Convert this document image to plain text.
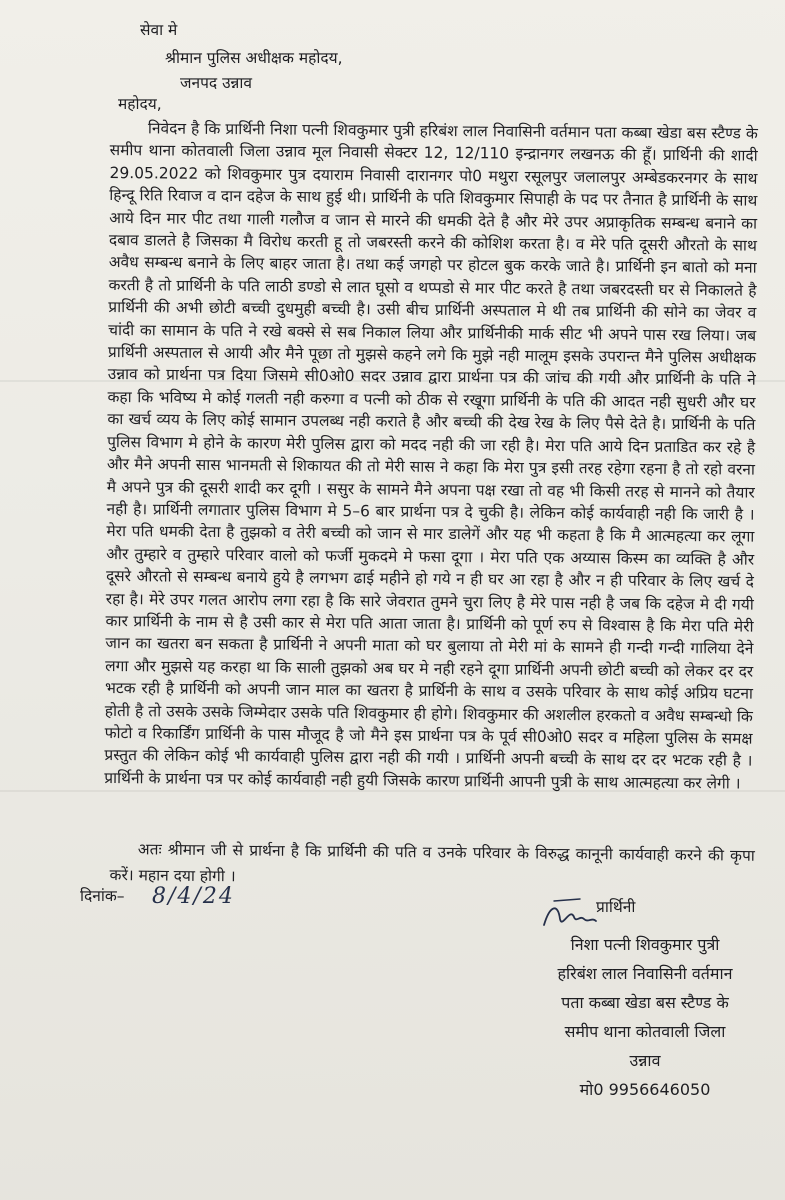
सेवा मे
श्रीमान पुलिस अधीक्षक महोदय,
जनपद उन्नाव
महोदय,
निवेदन है कि प्रार्थिनी निशा पत्नी शिवकुमार पुत्री हरिबंश लाल निवासिनी वर्तमान पता कब्बा खेडा बस स्टैण्ड के समीप थाना कोतवाली जिला उन्नाव मूल निवासी सेक्टर 12, 12/110 इन्द्रानगर लखनऊ की हूँ। प्रार्थिनी की शादी 29.05.2022 को शिवकुमार पुत्र दयाराम निवासी दारानगर पो0 मथुरा रसूलपुर जलालपुर अम्बेडकरनगर के साथ हिन्दू रिति रिवाज व दान दहेज के साथ हुई थी। प्रार्थिनी के पति शिवकुमार सिपाही के पद पर तैनात है प्रार्थिनी के साथ आये दिन मार पीट तथा गाली गलौज व जान से मारने की धमकी देते है और मेरे उपर अप्राकृतिक सम्बन्ध बनाने का दबाव डालते है जिसका मै विरोध करती हू तो जबरस्ती करने की कोशिश करता है। व मेरे पति दूसरी औरतो के साथ अवैध सम्बन्ध बनाने के लिए बाहर जाता है। तथा कई जगहो पर होटल बुक करके जाते है। प्रार्थिनी इन बातो को मना करती है तो प्रार्थिनी के पति लाठी डण्डो से लात घूसो व थप्पडो से मार पीट करते है तथा जबरदस्ती घर से निकालते है प्रार्थिनी की अभी छोटी बच्ची दुधमुही बच्ची है। उसी बीच प्रार्थिनी अस्पताल मे थी तब प्रार्थिनी की सोने का जेवर व चांदी का सामान के पति ने रखे बक्से से सब निकाल लिया और प्रार्थिनीकी मार्क सीट भी अपने पास रख लिया। जब प्रार्थिनी अस्पताल से आयी और मैने पूछा तो मुझसे कहने लगे कि मुझे नही मालूम इसके उपरान्त मैने पुलिस अधीक्षक उन्नाव को प्रार्थना पत्र दिया जिसमे सी0ओ0 सदर उन्नाव द्वारा प्रार्थना पत्र की जांच की गयी और प्रार्थिनी के पति ने कहा कि भविष्य मे कोई गलती नही करुगा व पत्नी को ठीक से रखूगा प्रार्थिनी के पति की आदत नही सुधरी और घर का खर्च व्यय के लिए कोई सामान उपलब्ध नही कराते है और बच्ची की देख रेख के लिए पैसे देते है। प्रार्थिनी के पति पुलिस विभाग मे होने के कारण मेरी पुलिस द्वारा को मदद नही की जा रही है। मेरा पति आये दिन प्रताडित कर रहे है और मैने अपनी सास भानमती से शिकायत की तो मेरी सास ने कहा कि मेरा पुत्र इसी तरह रहेगा रहना है तो रहो वरना मै अपने पुत्र की दूसरी शादी कर दूगी । ससुर के सामने मैने अपना पक्ष रखा तो वह भी किसी तरह से मानने को तैयार नही है। प्रार्थिनी लगातार पुलिस विभाग मे 5–6 बार प्रार्थना पत्र दे चुकी है। लेकिन कोई कार्यवाही नही कि जारी है ।मेरा पति धमकी देता है तुझको व तेरी बच्ची को जान से मार डालेगें और यह भी कहता है कि मै आत्महत्या कर लूगा और तुम्हारे व तुम्हारे परिवार वालो को फर्जी मुकदमे मे फसा दूगा । मेरा पति एक अय्यास किस्म का व्यक्ति है और दूसरे औरतो से सम्बन्ध बनाये हुये है लगभग ढाई महीने हो गये न ही घर आ रहा है और न ही परिवार के लिए खर्च दे रहा है। मेरे उपर गलत आरोप लगा रहा है कि सारे जेवरात तुमने चुरा लिए है मेरे पास नही है जब कि दहेज मे दी गयी कार प्रार्थिनी के नाम से है उसी कार से मेरा पति आता जाता है। प्रार्थिनी को पूर्ण रुप से विश्वास है कि मेरा पति मेरी जान का खतरा बन सकता है प्रार्थिनी ने अपनी माता को घर बुलाया तो मेरी मां के सामने ही गन्दी गन्दी गालिया देने लगा और मुझसे यह करहा था कि साली तुझको अब घर मे नही रहने दूगा प्रार्थिनी अपनी छोटी बच्ची को लेकर दर दर भटक रही है प्रार्थिनी को अपनी जान माल का खतरा है प्रार्थिनी के साथ व उसके परिवार के साथ कोई अप्रिय घटना होती है तो उसके उसके जिम्मेदार उसके पति शिवकुमार ही होगे। शिवकुमार की अशलील हरकतो व अवैध सम्बन्धो कि फोटो व रिकार्डिंग प्रार्थिनी के पास मौजूद है जो मैने इस प्रार्थना पत्र के पूर्व सी0ओ0 सदर व महिला पुलिस के समक्ष प्रस्तुत की लेकिन कोई भी कार्यवाही पुलिस द्वारा नही की गयी । प्रार्थिनी अपनी बच्ची के साथ दर दर भटक रही है । प्रार्थिनी के प्रार्थना पत्र पर कोई कार्यवाही नही हुयी जिसके कारण प्रार्थिनी आपनी पुत्री के साथ आत्महत्या कर लेगी ।
अतः श्रीमान जी से प्रार्थना है कि प्रार्थिनी की पति व उनके परिवार के विरुद्ध कानूनी कार्यवाही करने की कृपा करें। महान दया होगी ।
दिनांक– 8/4/24	प्रार्थिनी
निशा पत्नी शिवकुमार पुत्री
हरिबंश लाल निवासिनी वर्तमान
पता कब्बा खेडा बस स्टैण्ड के
समीप थाना कोतवाली जिला
उन्नाव
मो0 9956646050
